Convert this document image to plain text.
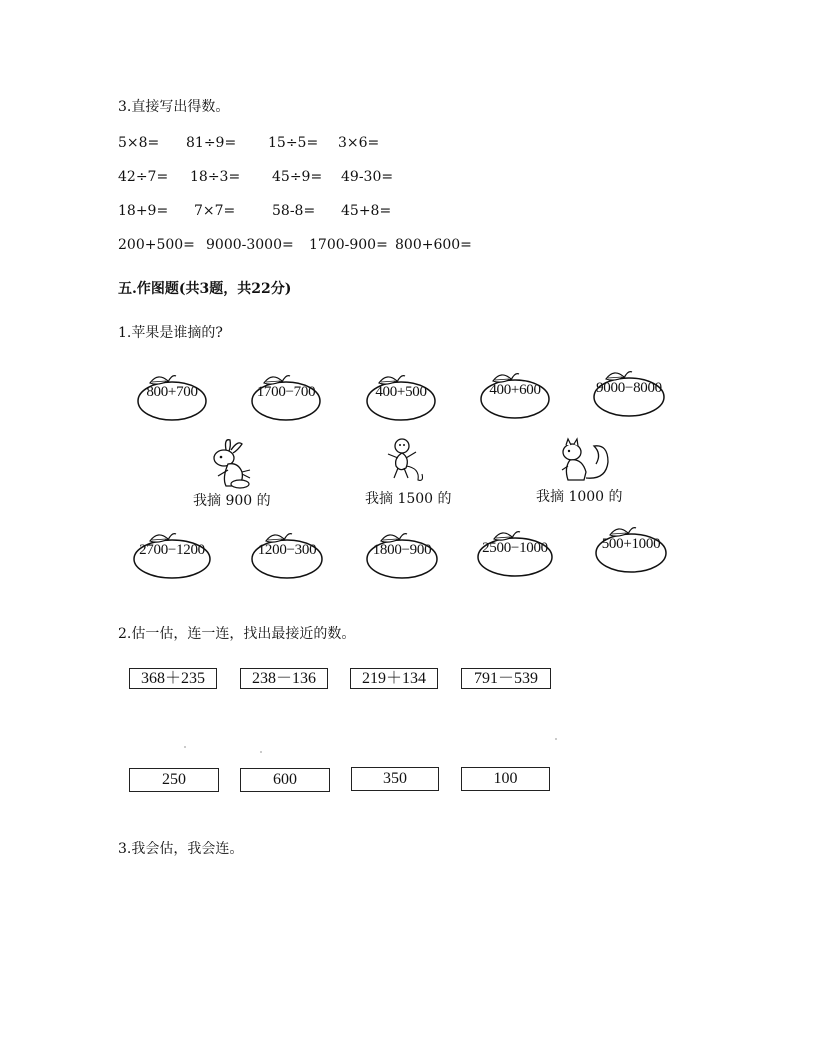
3.直接写出得数。
5×8= 81÷9= 15÷5= 3×6=
42÷7= 18÷3= 45÷9= 49-30=
18+9= 7×7=	58-8= 45+8=
200+500= 9000-3000= 1700-900= 800+600=
五.作图题(共3题，共22分)
1.苹果是谁摘的?
800+700	1700−700	400+500	400+600	9000−8000
我摘 900 的	我摘 1500 的	我摘 1000 的
2700−1200	1200−300	1800−900	2500−1000	500+1000
2.估一估，连一连，找出最接近的数。
368＋235	238－136	219＋134	791－539
250	600	350	100
3.我会估，我会连。
